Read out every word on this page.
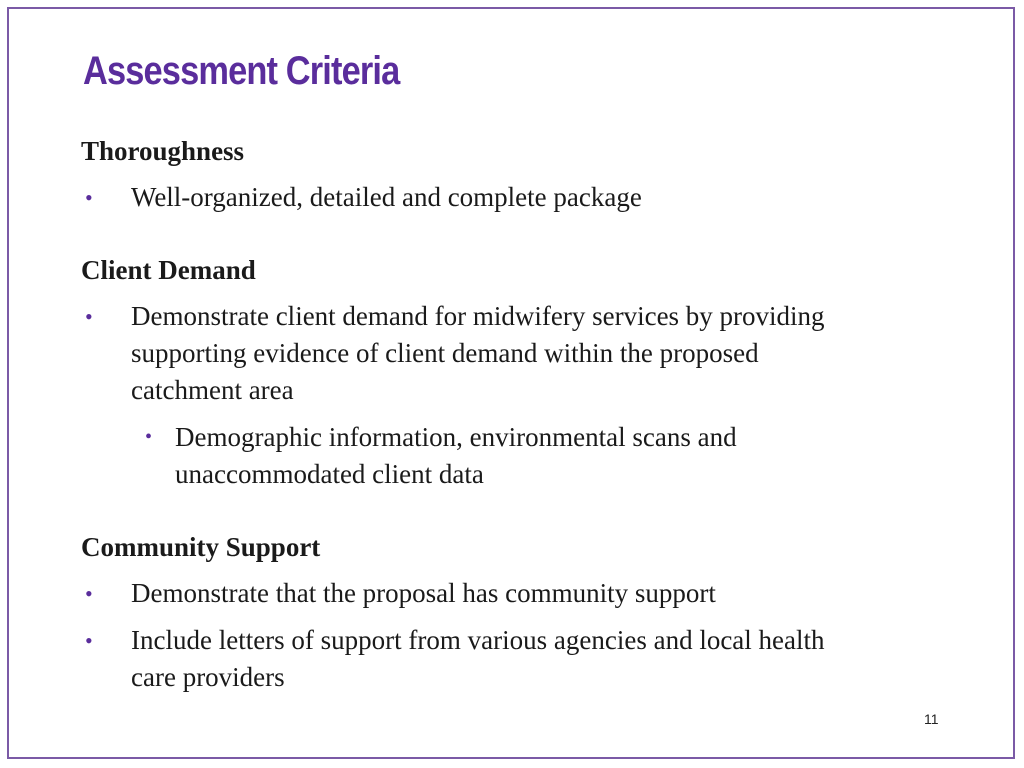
Assessment Criteria
Thoroughness
•	Well-organized, detailed and complete package
Client Demand
•	Demonstrate client demand for midwifery services by providing supporting evidence of client demand within the proposed catchment area
• Demographic information, environmental scans and unaccommodated client data
Community Support
•	Demonstrate that the proposal has community support
•	Include letters of support from various agencies and local health care providers
11
